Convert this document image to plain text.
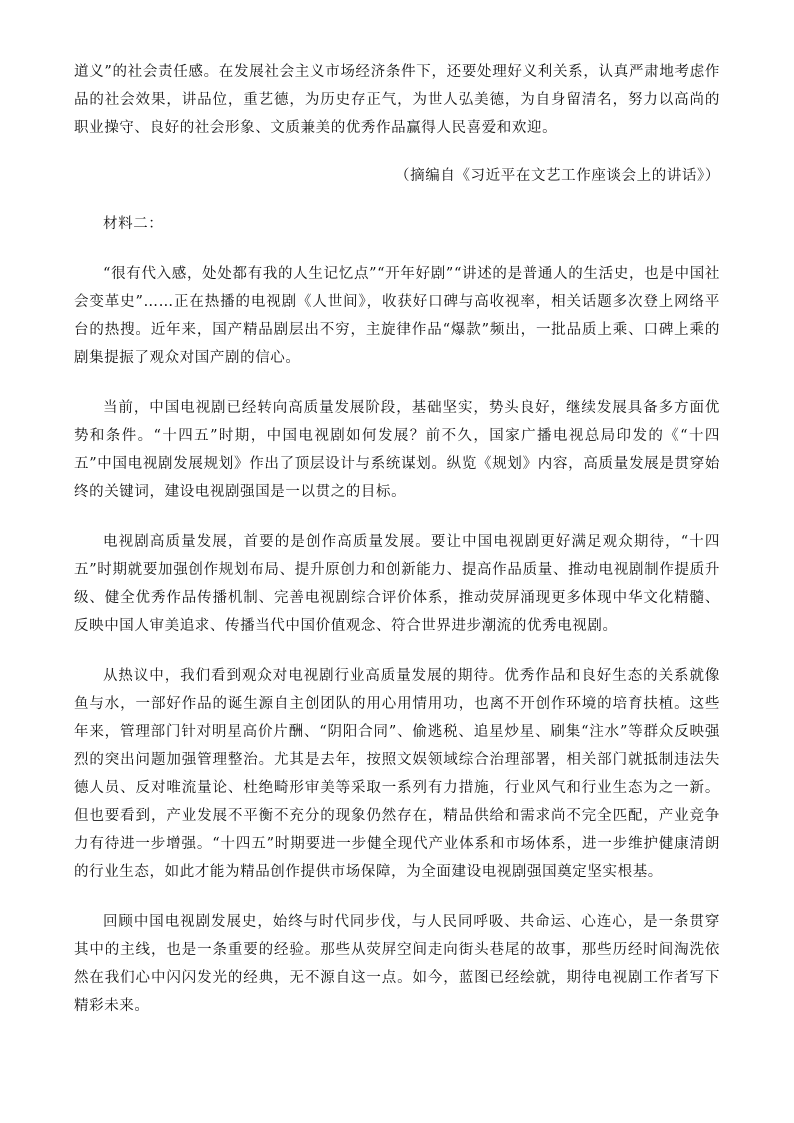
道义”的社会责任感。在发展社会主义市场经济条件下，还要处理好义利关系，认真严肃地考虑作品的社会效果，讲品位，重艺德，为历史存正气，为世人弘美德，为自身留清名，努力以高尚的职业操守、良好的社会形象、文质兼美的优秀作品赢得人民喜爱和欢迎。

（摘编自《习近平在文艺工作座谈会上的讲话》）

材料二：

“很有代入感，处处都有我的人生记忆点”“开年好剧”“讲述的是普通人的生活史，也是中国社会变革史”……正在热播的电视剧《人世间》，收获好口碑与高收视率，相关话题多次登上网络平台的热搜。近年来，国产精品剧层出不穷，主旋律作品“爆款”频出，一批品质上乘、口碑上乘的剧集提振了观众对国产剧的信心。

当前，中国电视剧已经转向高质量发展阶段，基础坚实，势头良好，继续发展具备多方面优势和条件。“十四五”时期，中国电视剧如何发展？前不久，国家广播电视总局印发的《“十四五”中国电视剧发展规划》作出了顶层设计与系统谋划。纵览《规划》内容，高质量发展是贯穿始终的关键词，建设电视剧强国是一以贯之的目标。

电视剧高质量发展，首要的是创作高质量发展。要让中国电视剧更好满足观众期待，“十四五”时期就要加强创作规划布局、提升原创力和创新能力、提高作品质量、推动电视剧制作提质升级、健全优秀作品传播机制、完善电视剧综合评价体系，推动荧屏涌现更多体现中华文化精髓、反映中国人审美追求、传播当代中国价值观念、符合世界进步潮流的优秀电视剧。

从热议中，我们看到观众对电视剧行业高质量发展的期待。优秀作品和良好生态的关系就像鱼与水，一部好作品的诞生源自主创团队的用心用情用功，也离不开创作环境的培育扶植。这些年来，管理部门针对明星高价片酬、“阴阳合同”、偷逃税、追星炒星、刷集“注水”等群众反映强烈的突出问题加强管理整治。尤其是去年，按照文娱领域综合治理部署，相关部门就抵制违法失德人员、反对唯流量论、杜绝畸形审美等采取一系列有力措施，行业风气和行业生态为之一新。但也要看到，产业发展不平衡不充分的现象仍然存在，精品供给和需求尚不完全匹配，产业竞争力有待进一步增强。“十四五”时期要进一步健全现代产业体系和市场体系，进一步维护健康清朗的行业生态，如此才能为精品创作提供市场保障，为全面建设电视剧强国奠定坚实根基。

回顾中国电视剧发展史，始终与时代同步伐，与人民同呼吸、共命运、心连心，是一条贯穿其中的主线，也是一条重要的经验。那些从荧屏空间走向街头巷尾的故事，那些历经时间淘洗依然在我们心中闪闪发光的经典，无不源自这一点。如今，蓝图已经绘就，期待电视剧工作者写下精彩未来。
